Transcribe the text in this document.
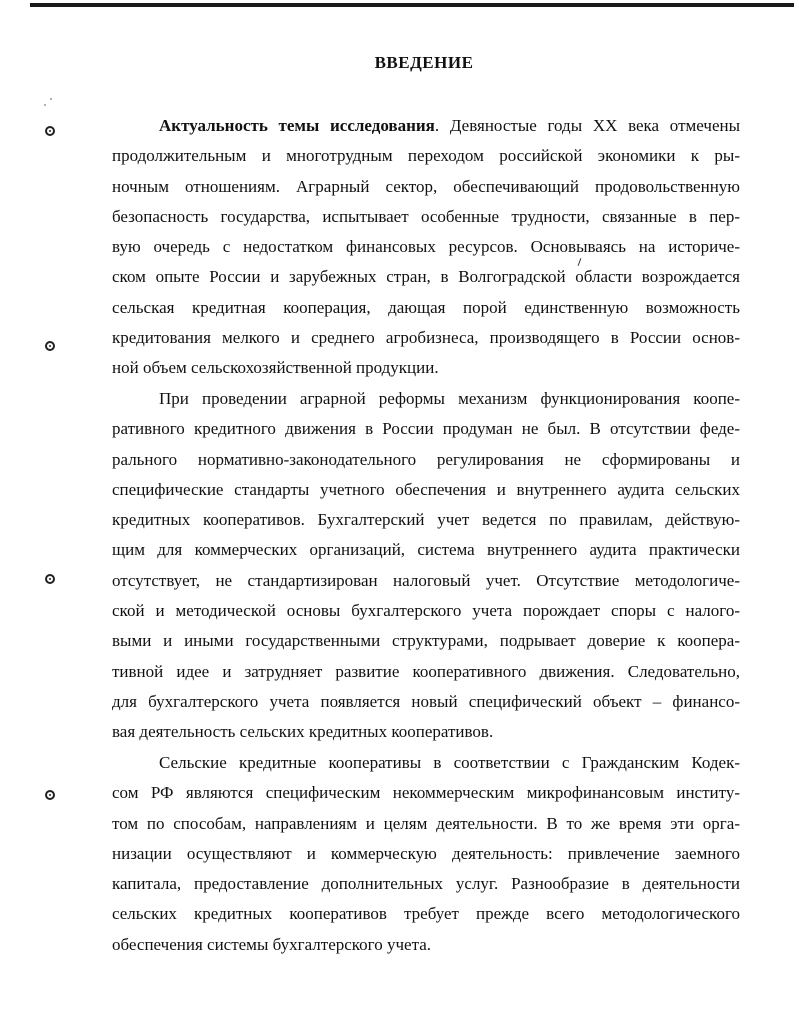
ВВЕДЕНИЕ
Актуальность темы исследования. Девяностые годы XX века отмечены
продолжительным и многотрудным переходом российской экономики к ры-
ночным отношениям. Аграрный сектор, обеспечивающий продовольственную
безопасность государства, испытывает особенные трудности, связанные в пер-
вую очередь с недостатком финансовых ресурсов. Основываясь на историче-
ском опыте России и зарубежных стран, в Волгоградской области возрождается
сельская кредитная кооперация, дающая порой единственную возможность
кредитования мелкого и среднего агробизнеса, производящего в России основ-
ной объем сельскохозяйственной продукции.
При проведении аграрной реформы механизм функционирования коопе-
ративного кредитного движения в России продуман не был. В отсутствии феде-
рального нормативно-законодательного регулирования не сформированы и
специфические стандарты учетного обеспечения и внутреннего аудита сельских
кредитных кооперативов. Бухгалтерский учет ведется по правилам, действую-
щим для коммерческих организаций, система внутреннего аудита практически
отсутствует, не стандартизирован налоговый учет. Отсутствие методологиче-
ской и методической основы бухгалтерского учета порождает споры с налого-
выми и иными государственными структурами, подрывает доверие к коопера-
тивной идее и затрудняет развитие кооперативного движения. Следовательно,
для бухгалтерского учета появляется новый специфический объект – финансо-
вая деятельность сельских кредитных кооперативов.
Сельские кредитные кооперативы в соответствии с Гражданским Кодек-
сом РФ являются специфическим некоммерческим микрофинансовым институ-
том по способам, направлениям и целям деятельности. В то же время эти орга-
низации осуществляют и коммерческую деятельность: привлечение заемного
капитала, предоставление дополнительных услуг. Разнообразие в деятельности
сельских кредитных кооперативов требует прежде всего методологического
обеспечения системы бухгалтерского учета.
